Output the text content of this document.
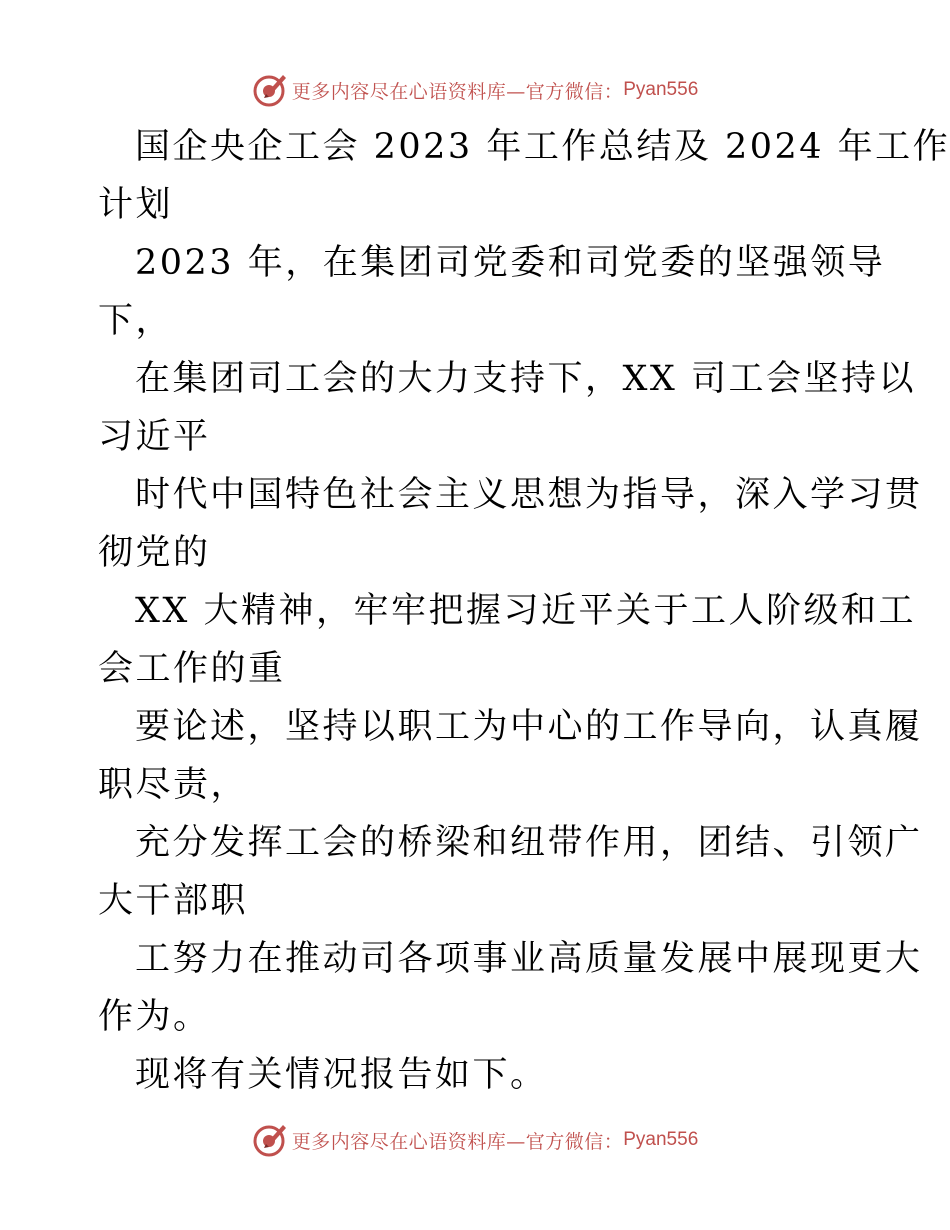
更多内容尽在心语资料库—官方微信： Pyan556
国企央企工会 2023 年工作总结及 2024 年工作
计划
2023 年，在集团司党委和司党委的坚强领导
下，
在集团司工会的大力支持下，XX 司工会坚持以
习近平
时代中国特色社会主义思想为指导，深入学习贯
彻党的
XX 大精神，牢牢把握习近平关于工人阶级和工
会工作的重
要论述，坚持以职工为中心的工作导向，认真履
职尽责，
充分发挥工会的桥梁和纽带作用，团结、引领广
大干部职
工努力在推动司各项事业高质量发展中展现更大
作为。
现将有关情况报告如下。
更多内容尽在心语资料库—官方微信： Pyan556
